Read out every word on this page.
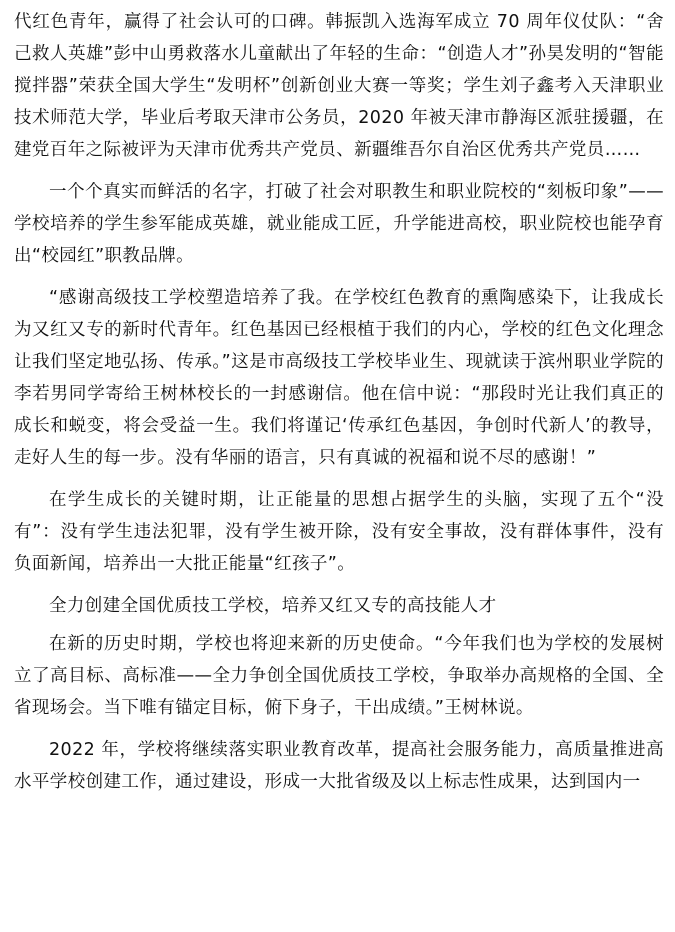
代红色青年，赢得了社会认可的口碑。韩振凯入选海军成立 70 周年仪仗队：“舍己救人英雄”彭中山勇救落水儿童献出了年轻的生命：“创造人才”孙昊发明的“智能搅拌器”荣获全国大学生“发明杯”创新创业大赛一等奖；学生刘子鑫考入天津职业技术师范大学，毕业后考取天津市公务员，2020 年被天津市静海区派驻援疆，在建党百年之际被评为天津市优秀共产党员、新疆维吾尔自治区优秀共产党员……

一个个真实而鲜活的名字，打破了社会对职教生和职业院校的“刻板印象”——学校培养的学生参军能成英雄，就业能成工匠，升学能进高校，职业院校也能孕育出“校园红”职教品牌。

“感谢高级技工学校塑造培养了我。在学校红色教育的熏陶感染下，让我成长为又红又专的新时代青年。红色基因已经根植于我们的内心，学校的红色文化理念让我们坚定地弘扬、传承。”这是市高级技工学校毕业生、现就读于滨州职业学院的李若男同学寄给王树林校长的一封感谢信。他在信中说：“那段时光让我们真正的成长和蜕变，将会受益一生。我们将谨记‘传承红色基因，争创时代新人’的教导，走好人生的每一步。没有华丽的语言，只有真诚的祝福和说不尽的感谢！”

在学生成长的关键时期，让正能量的思想占据学生的头脑，实现了五个“没有”：没有学生违法犯罪，没有学生被开除，没有安全事故，没有群体事件，没有负面新闻，培养出一大批正能量“红孩子”。

全力创建全国优质技工学校，培养又红又专的高技能人才

在新的历史时期，学校也将迎来新的历史使命。“今年我们也为学校的发展树立了高目标、高标准——全力争创全国优质技工学校，争取举办高规格的全国、全省现场会。当下唯有锚定目标，俯下身子，干出成绩。”王树林说。

2022 年，学校将继续落实职业教育改革，提高社会服务能力，高质量推进高水平学校创建工作，通过建设，形成一大批省级及以上标志性成果，达到国内一
